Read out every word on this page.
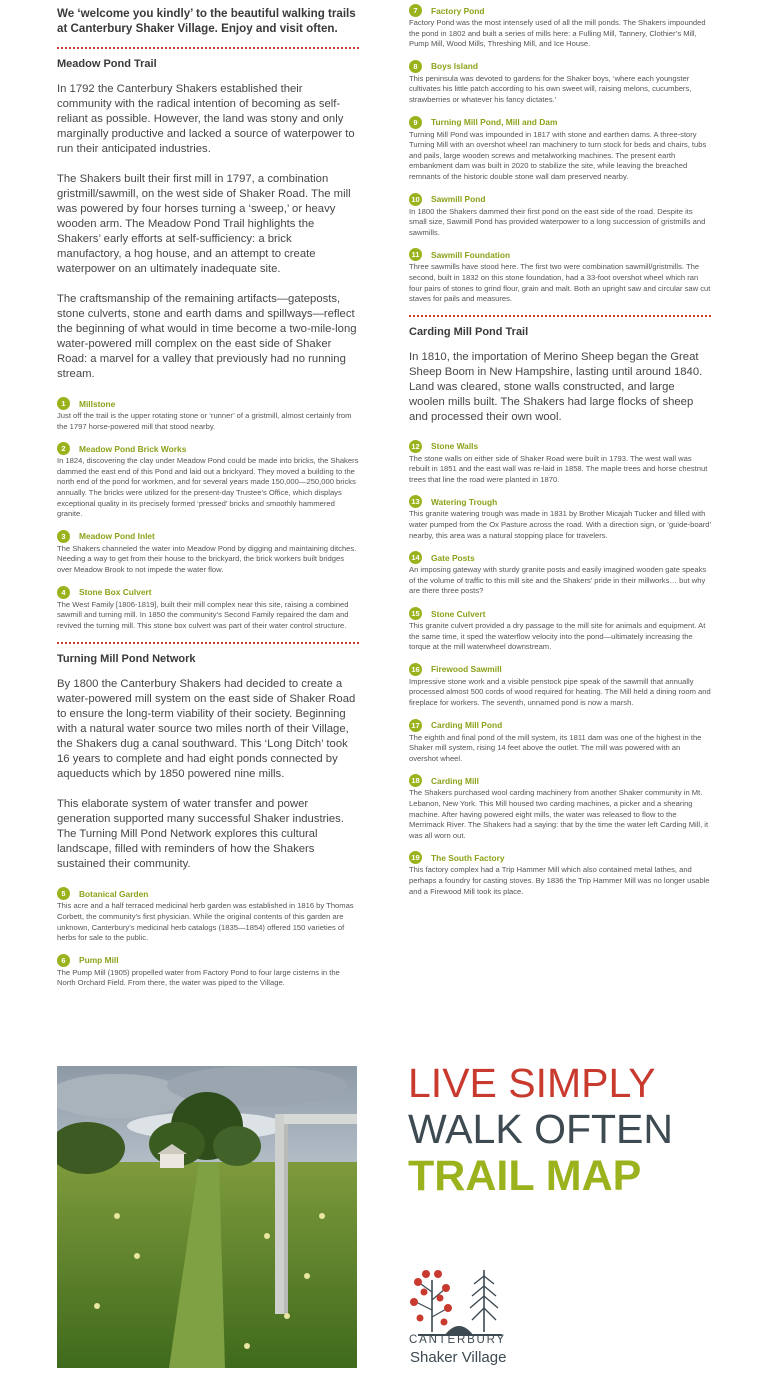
We ‘welcome you kindly’ to the beautiful walking trails at Canterbury Shaker Village. Enjoy and visit often.
Meadow Pond Trail

In 1792 the Canterbury Shakers established their community with the radical intention of becoming as self-reliant as possible. However, the land was stony and only marginally productive and lacked a source of waterpower to run their anticipated industries.

The Shakers built their first mill in 1797, a combination gristmill/sawmill, on the west side of Shaker Road. The mill was powered by four horses turning a ‘sweep,’ or heavy wooden arm. The Meadow Pond Trail highlights the Shakers’ early efforts at self-sufficiency: a brick manufactory, a hog house, and an attempt to create waterpower on an ultimately inadequate site.

The craftsmanship of the remaining artifacts—gateposts, stone culverts, stone and earth dams and spillways—reflect the beginning of what would in time become a two-mile-long water-powered mill complex on the east side of Shaker Road: a marvel for a valley that previously had no running stream.

1	Millstone
Just off the trail is the upper rotating stone or ‘runner’ of a gristmill, almost certainly from the 1797 horse-powered mill that stood nearby.
2	Meadow Pond Brick Works
In 1824, discovering the clay under Meadow Pond could be made into bricks, the Shakers dammed the east end of this Pond and laid out a brickyard. They moved a building to the north end of the pond for workmen, and for several years made 150,000—250,000 bricks annually. The bricks were utilized for the present-day Trustee’s Office, which displays exceptional quality in its precisely formed ‘pressed’ bricks and smoothly hammered granite.
3	Meadow Pond Inlet
The Shakers channeled the water into Meadow Pond by digging and maintaining ditches. Needing a way to get from their house to the brickyard, the brick workers built bridges over Meadow Brook to not impede the water flow.
4	Stone Box Culvert
The West Family [1806-1819], built their mill complex near this site, raising a combined sawmill and turning mill. In 1850 the community’s Second Family repaired the dam and revived the turning mill. This stone box culvert was part of their water control structure.
Turning Mill Pond Network

By 1800 the Canterbury Shakers had decided to create a water-powered mill system on the east side of Shaker Road to ensure the long-term viability of their society. Beginning with a natural water source two miles north of their Village, the Shakers dug a canal southward. This ‘Long Ditch’ took 16 years to complete and had eight ponds connected by aqueducts which by 1850 powered nine mills.

This elaborate system of water transfer and power generation supported many successful Shaker industries. The Turning Mill Pond Network explores this cultural landscape, filled with reminders of how the Shakers sustained their community.

5	Botanical Garden
This acre and a half terraced medicinal herb garden was established in 1816 by Thomas Corbett, the community’s first physician. While the original contents of this garden are unknown, Canterbury’s medicinal herb catalogs (1835—1854) offered 150 varieties of herbs for sale to the public.
6	Pump Mill
The Pump Mill (1905) propelled water from Factory Pond to four large cisterns in the North Orchard Field. From there, the water was piped to the Village.
7	Factory Pond
Factory Pond was the most intensely used of all the mill ponds. The Shakers impounded the pond in 1802 and built a series of mills here: a Fulling Mill, Tannery, Clothier’s Mill, Pump Mill, Wood Mills, Threshing Mill, and Ice House.
8	Boys Island
This peninsula was devoted to gardens for the Shaker boys, ‘where each youngster cultivates his little patch according to his own sweet will, raising melons, cucumbers, strawberries or whatever his fancy dictates.’
9	Turning Mill Pond, Mill and Dam
Turning Mill Pond was impounded in 1817 with stone and earthen dams. A three-story Turning Mill with an overshot wheel ran machinery to turn stock for beds and chairs, tubs and pails, large wooden screws and metalworking machines. The present earth embankment dam was built in 2020 to stabilize the site, while leaving the breached remnants of the historic double stone wall dam preserved nearby.
10 Sawmill Pond
In 1800 the Shakers dammed their first pond on the east side of the road. Despite its small size, Sawmill Pond has provided waterpower to a long succession of gristmills and sawmills.
11	Sawmill Foundation
Three sawmills have stood here. The first two were combination sawmill/gristmills. The second, built in 1832 on this stone foundation, had a 33-foot overshot wheel which ran four pairs of stones to grind flour, grain and malt. Both an upright saw and circular saw cut staves for pails and measures.
Carding Mill Pond Trail

In 1810, the importation of Merino Sheep began the Great Sheep Boom in New Hampshire, lasting until around 1840. Land was cleared, stone walls constructed, and large woolen mills built. The Shakers had large flocks of sheep and processed their own wool.

12 Stone Walls
The stone walls on either side of Shaker Road were built in 1793. The west wall was rebuilt in 1851 and the east wall was re-laid in 1858. The maple trees and horse chestnut trees that line the road were planted in 1870.
13 Watering Trough
This granite watering trough was made in 1831 by Brother Micajah Tucker and filled with water pumped from the Ox Pasture across the road. With a direction sign, or ‘guide-board’ nearby, this area was a natural stopping place for travelers.
14 Gate Posts
An imposing gateway with sturdy granite posts and easily imagined wooden gate speaks of the volume of traffic to this mill site and the Shakers’ pride in their millworks… but why are there three posts?
15 Stone Culvert
This granite culvert provided a dry passage to the mill site for animals and equipment. At the same time, it sped the waterflow velocity into the pond—ultimately increasing the torque at the mill waterwheel downstream.
16 Firewood Sawmill
Impressive stone work and a visible penstock pipe speak of the sawmill that annually processed almost 500 cords of wood required for heating. The Mill held a dining room and fireplace for workers. The seventh, unnamed pond is now a marsh.
17 Carding Mill Pond
The eighth and final pond of the mill system, its 1811 dam was one of the highest in the Shaker mill system, rising 14 feet above the outlet. The mill was powered with an overshot wheel.
18 Carding Mill
The Shakers purchased wool carding machinery from another Shaker community in Mt. Lebanon, New York. This Mill housed two carding machines, a picker and a shearing machine. After having powered eight mills, the water was released to flow to the Merrimack River. The Shakers had a saying: that by the time the water left Carding Mill, it was all worn out.
19 The South Factory
This factory complex had a Trip Hammer Mill which also contained metal lathes, and perhaps a foundry for casting stoves. By 1836 the Trip Hammer Mill was no longer usable and a Firewood Mill took its place.
LIVE SIMPLY
WALK OFTEN
TRAIL MAP
CANTERBURY
Shaker Village
